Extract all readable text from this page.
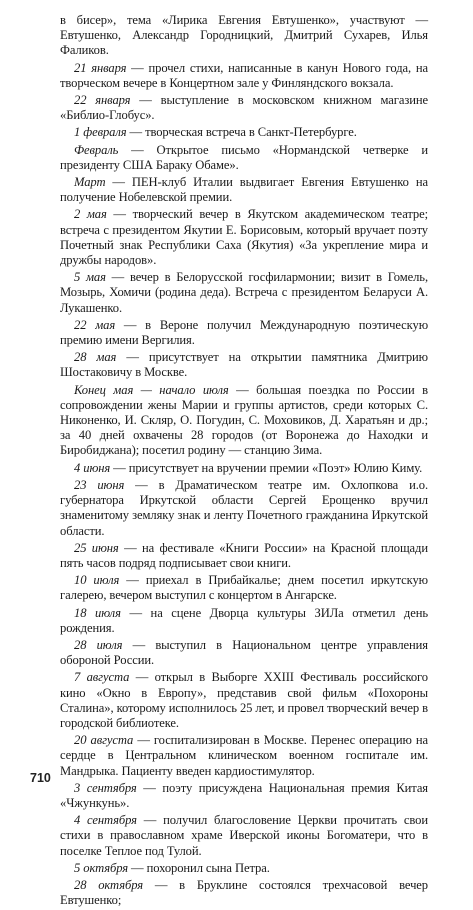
в бисер», тема «Лирика Евгения Евтушенко», участвуют — Евтушенко, Александр Городницкий, Дмитрий Сухарев, Илья Фаликов.

21 января — прочел стихи, написанные в канун Нового года, на творческом вечере в Концертном зале у Финляндского вокзала.

22 января — выступление в московском книжном магазине «Библио-Глобус».

1 февраля — творческая встреча в Санкт-Петербурге.

Февраль — Открытое письмо «Нормандской четверке и президенту США Бараку Обаме».

Март — ПЕН-клуб Италии выдвигает Евгения Евтушенко на получение Нобелевской премии.

2 мая — творческий вечер в Якутском академическом театре; встреча с президентом Якутии Е. Борисовым, который вручает поэту Почетный знак Республики Саха (Якутия) «За укрепление мира и дружбы народов».

5 мая — вечер в Белорусской госфилармонии; визит в Гомель, Мозырь, Хомичи (родина деда). Встреча с президентом Беларуси А. Лукашенко.

22 мая — в Вероне получил Международную поэтическую премию имени Вергилия.

28 мая — присутствует на открытии памятника Дмитрию Шостаковичу в Москве.

Конец мая — начало июля — большая поездка по России в сопровождении жены Марии и группы артистов, среди которых С. Никоненко, И. Скляр, О. Погудин, С. Моховиков, Д. Харатьян и др.; за 40 дней охвачены 28 городов (от Воронежа до Находки и Биробиджана); посетил родину — станцию Зима.

4 июня — присутствует на вручении премии «Поэт» Юлию Киму.

23 июня — в Драматическом театре им. Охлопкова и.о. губернатора Иркутской области Сергей Ерощенко вручил знаменитому земляку знак и ленту Почетного гражданина Иркутской области.

25 июня — на фестивале «Книги России» на Красной площади пять часов подряд подписывает свои книги.

10 июля — приехал в Прибайкалье; днем посетил иркутскую галерею, вечером выступил с концертом в Ангарске.

18 июля — на сцене Дворца культуры ЗИЛа отметил день рождения.

28 июля — выступил в Национальном центре управления обороной России.

7 августа — открыл в Выборге XXIII Фестиваль российского кино «Окно в Европу», представив свой фильм «Похороны Сталина», которому исполнилось 25 лет, и провел творческий вечер в городской библиотеке.

20 августа — госпитализирован в Москве. Перенес операцию на сердце в Центральном клиническом военном госпитале им. Мандрыка. Пациенту введен кардиостимулятор.

3 сентября — поэту присуждена Национальная премия Китая «Чжункунь».

4 сентября — получил благословение Церкви прочитать свои стихи в православном храме Иверской иконы Богоматери, что в поселке Теплое под Тулой.

5 октября — похоронил сына Петра.

28 октября — в Бруклине состоялся трехчасовой вечер Евтушенко;

710
